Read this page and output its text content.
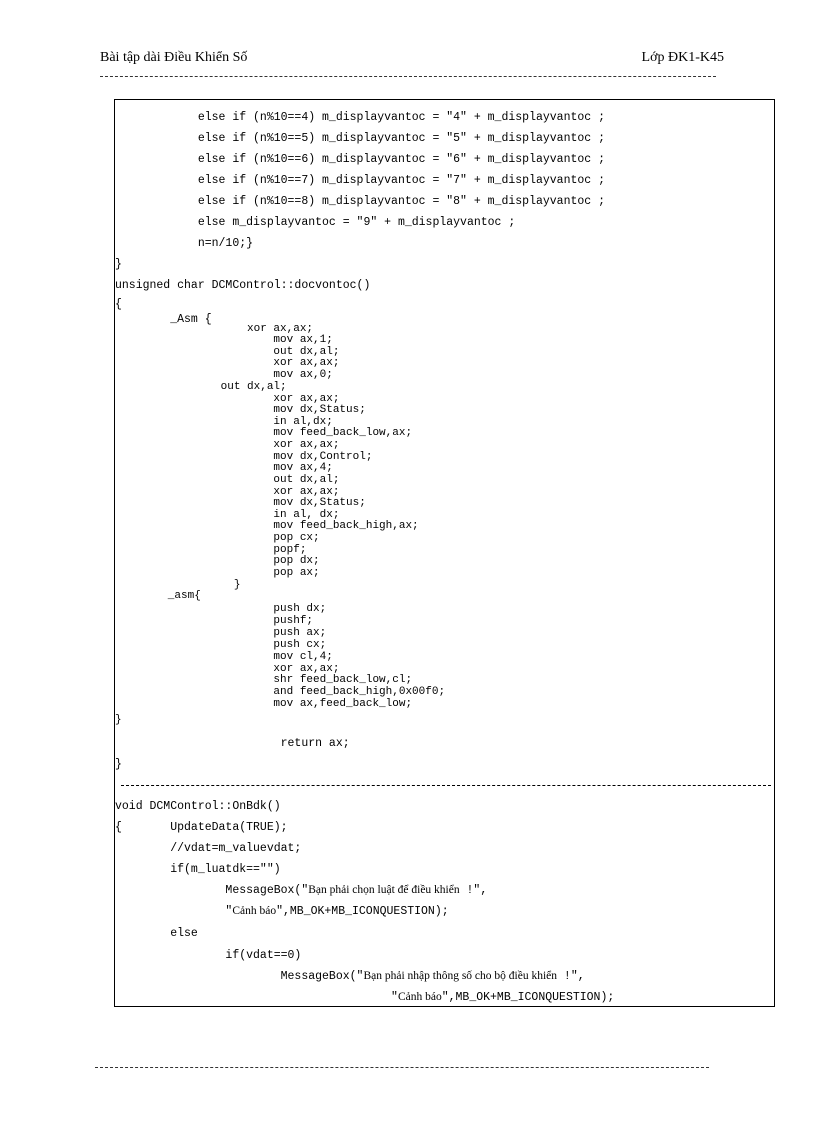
Bài tập dài Điều Khiển Số	Lớp ĐK1-K45
else if (n%10==4) m_displayvantoc = "4" + m_displayvantoc ;
else if (n%10==5) m_displayvantoc = "5" + m_displayvantoc ;
else if (n%10==6) m_displayvantoc = "6" + m_displayvantoc ;
else if (n%10==7) m_displayvantoc = "7" + m_displayvantoc ;
else if (n%10==8) m_displayvantoc = "8" + m_displayvantoc ;
else m_displayvantoc = "9" + m_displayvantoc ;
n=n/10;}
}
unsigned char DCMControl::docvontoc()
{
_Asm {
xor ax,ax;
mov ax,1;
out dx,al;
xor ax,ax;
mov ax,0;
out dx,al;
xor ax,ax;
mov dx,Status;
in al,dx;
mov feed_back_low,ax;
xor ax,ax;
mov dx,Control;
mov ax,4;
out dx,al;
xor ax,ax;
mov dx,Status;
in al, dx;
mov feed_back_high,ax;
pop cx;
popf;
pop dx;
pop ax;
}
_asm{
push dx;
pushf;
push ax;
push cx;
mov cl,4;
xor ax,ax;
shr feed_back_low,cl;
and feed_back_high,0x00f0;
mov ax,feed_back_low;
}
return ax;
}
void DCMControl::OnBdk()
{       UpdateData(TRUE);
//vdat=m_valuevdat;
if(m_luatdk=="")
MessageBox("Bạn phải chọn luật để điều khiển !",
"Cảnh báo",MB_OK+MB_ICONQUESTION);
else
if(vdat==0)
MessageBox("Bạn phải nhập thông số cho bộ điều khiển !",
"Cảnh báo",MB_OK+MB_ICONQUESTION);
